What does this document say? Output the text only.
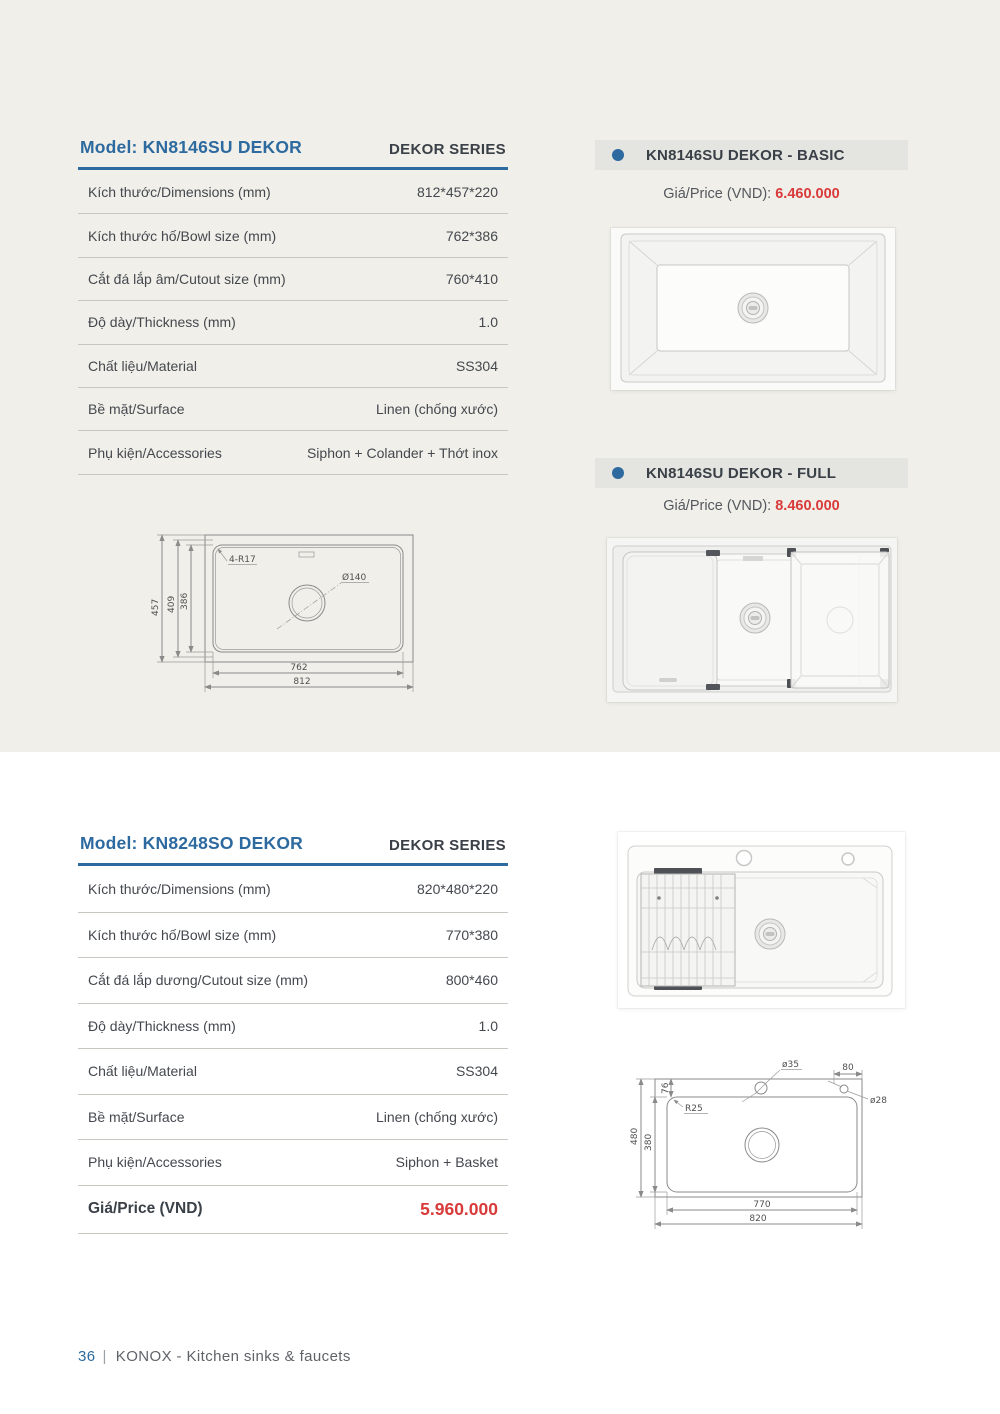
Model: KN8146SU DEKOR	DEKOR SERIES
Kích thước/Dimensions (mm)	812*457*220
Kích thước hố/Bowl size (mm)	762*386
Cắt đá lắp âm/Cutout size (mm)	760*410
Độ dày/Thickness (mm)	1.0
Chất liệu/Material	SS304
Bề mặt/Surface	Linen (chống xước)
Phụ kiện/Accessories	Siphon + Colander + Thớt inox
4-R17
Ø140
457 409 386
762
812
KN8146SU DEKOR - BASIC
Giá/Price (VND): 6.460.000
KN8146SU DEKOR - FULL
Giá/Price (VND): 8.460.000
Model: KN8248SO DEKOR	DEKOR SERIES
Kích thước/Dimensions (mm)	820*480*220
Kích thước hố/Bowl size (mm)	770*380
Cắt đá lắp dương/Cutout size (mm)	800*460
Độ dày/Thickness (mm)	1.0
Chất liệu/Material	SS304
Bề mặt/Surface	Linen (chống xước)
Phụ kiện/Accessories	Siphon + Basket
Giá/Price (VND)	5.960.000
ø35	80
ø28
76
R25
480 380
770
820
36 | KONOX - Kitchen sinks & faucets
